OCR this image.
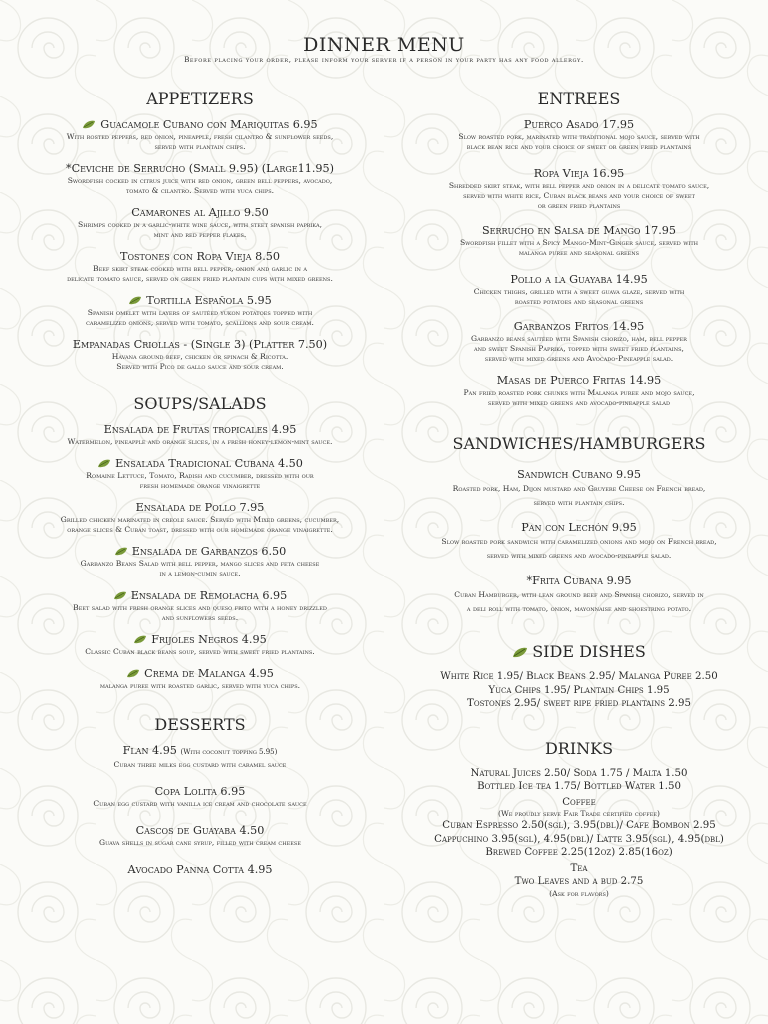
DINNER MENU
Before placing your order, please inform your server if a person in your party has any food allergy.
APPETIZERS
Guacamole Cubano con Mariquitas 6.95
With rosted peppers, red onion, pineapple, fresh cilantro & sunflower seeds,
served with plantain chips.
*Ceviche de Serrucho (Small 9.95) (Large11.95)
Swordfish cocked in citrus juice with red onion, green bell peppers, avocado,
tomato & cilantro. Served with yuca chips.
Camarones al Ajillo 9.50
Shrimps cooked in a garlic-white wine sauce, with steet spanish paprika,
mint and red pepper flakes.
Tostones con Ropa Vieja 8.50
Beef skirt steak cooked with bell pepper, onion and garlic in a
delicate tomato sauce, served on green fried plantain cups with mixed greens.
Tortilla Española 5.95
Spanish omelet with layers of sautéed yukon potatoes topped with
caramelized onions, served with tomato, scallions and sour cream.
Empanadas Criollas - (Single 3) (Platter 7.50)
Havana ground beef, chicken or spinach & Ricotta.
Served with Pico de gallo sauce and sour cream.
SOUPS/SALADS
Ensalada de Frutas tropicales 4.95
Watermelon, pineapple and orange slices, in a fresh honey-lemon-mint sauce.
Ensalada Tradicional Cubana 4.50
Romaine Lettuce, Tomato, Radish and cucumber, dressed with our
fresh homemade orange vinaigrette
Ensalada de Pollo 7.95
Grilled chicken marinated in creole sauce. Served with Mixed greens, cucumber,
orange slices & Cuban toast, dressed with our homemade orange vinaigrette.
Ensalada de Garbanzos 6.50
Garbanzo Beans Salad with bell pepper, mango slices and feta cheese
in a lemon-cumin sauce.
Ensalada de Remolacha 6.95
Beet salad with fresh orange slices and queso frito with a honey drizzled
and sunflowers seeds.
Frijoles Negros 4.95
Classic Cuban black beans soup, served with sweet fried plantains.
Crema de Malanga 4.95
malanga puree with roasted garlic, served with yuca chips.
DESSERTS
Flan 4.95 (With coconut topping 5.95)
Cuban three milks egg custard with caramel sauce
Copa Lolita 6.95
Cuban egg custard with vanilla ice cream and chocolate sauce
Cascos de Guayaba 4.50
Guava shells in sugar cane syrup, filled with cream cheese
Avocado Panna Cotta 4.95
ENTREES
Puerco Asado 17.95
Slow roasted pork, marinated with traditional mojo sauce, served with
black bean rice and your choice of sweet or green fried plantains
Ropa Vieja 16.95
Shredded skirt steak, with bell pepper and onion in a delicate tomato sauce,
served with white rice, Cuban black beans and your choice of sweet
or green fried plantains
Serrucho en Salsa de Mango 17.95
Swordfish fillet with a Spicy Mango-Mint-Ginger sauce, served with
malanga puree and seasonal greens
Pollo a la Guayaba 14.95
Chicken thighs, grilled with a sweet guava glaze, served with
roasted potatoes and seasonal greens
Garbanzos Fritos 14.95
Garbanzo beans sautéed with Spanish chorizo, ham, bell pepper
and sweet Spanish Paprika, topped with sweet fried plantains,
served with mixed greens and Avocado-Pineapple salad.
Masas de Puerco Fritas 14.95
Pan fried roasted pork chunks with Malanga puree and mojo sauce,
served with mixed greens and avocado-pineapple salad
SANDWICHES/HAMBURGERS
Sandwich Cubano 9.95
Roasted pork, Ham, Dijon mustard and Gruyere Cheese on French bread,
served with plantain chips.
Pan con Lechón 9.95
Slow roasted pork sandwich with caramelized onions and mojo on French bread,
served with mixed greens and avocado-pineapple salad.
*Frita Cubana 9.95
Cuban Hamburger, with lean ground beef and Spanish chorizo, served in
a deli roll with tomato, onion, mayonnaise and shoestring potato.
SIDE DISHES
White Rice 1.95/ Black Beans 2.95/ Malanga Puree 2.50
Yuca Chips 1.95/ Plantain Chips 1.95
Tostones 2.95/ sweet ripe fried plantains 2.95
DRINKS
Natural Juices 2.50/ Soda 1.75 / Malta 1.50
Bottled Ice tea 1.75/ Bottled Water 1.50
Coffee
(We proudly serve Fair Trade certified coffee)
Cuban Espresso 2.50(sgl), 3.95(dbl)/ Cafe Bombon 2.95
Cappuchino 3.95(sgl), 4.95(dbl)/ Latte 3.95(sgl), 4.95(dbl)
Brewed Coffee 2.25(12oz) 2.85(16oz)
Tea
Two Leaves and a bud 2.75
(Ask for flavors)
